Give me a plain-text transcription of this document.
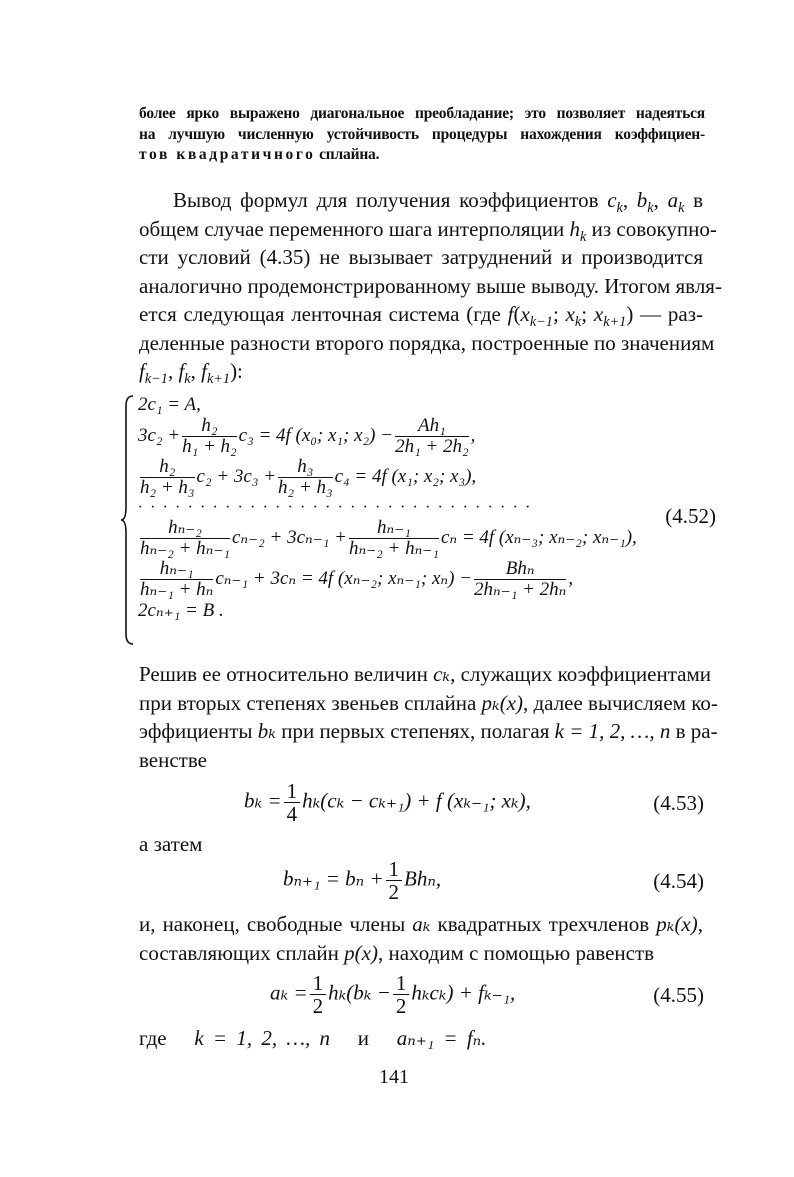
более ярко выражено диагональное преобладание; это позволяет надеяться
на лучшую численную устойчивость процедуры нахождения коэффициен-
тов квадратичного сплайна.
Вывод формул для получения коэффициентов $c_k$, $b_k$, $a_k$ в
общем случае переменного шага интерполяции $h_k$ из совокупно-
сти условий (4.35) не вызывает затруднений и производится
аналогично продемонстрированному выше выводу. Итогом явля-
ется следующая ленточная система (где $f(x_{k-1}$; $x_k$; $x_{k+1}$) — раз-
деленные разности второго порядка, построенные по значениям
$f_{k-1}$, $f_k$, $f_{k+1}$):
2c₁ = A,
$3c_2 + \frac{\text{h₂}}{\text{h₁ + h₂}} c_3 = 4f$ (x₀; x₁; $x_2) - \frac{\text{Ah₁}}{\text{2h₁ + 2h₂}}$ ,
$\frac{\text{h₂}}{\text{h₂ + h₃}} c_2 + 3c_3 + \frac{\text{h₃}}{\text{h₂ + h₃}} c_4 = 4f$ (x₁; x₂; x₃),
································
$\frac{\text{hₙ₋₂}}{\text{hₙ₋₂ + hₙ₋₁}} c_{n-2} + 3c_{n-1} + \frac{\text{hₙ₋₁}}{\text{hₙ₋₂ + hₙ₋₁}}$ cₙ = 4f (xₙ₋₃; xₙ₋₂; xₙ₋₁),
$\frac{\text{hₙ₋₁}}{\text{hₙ₋₁ + hₙ}} c_{n-1} + 3c_n = 4f$ (xₙ₋₂; xₙ₋₁; $x_n) - \frac{\text{Bhₙ}}{\text{2hₙ₋₁ + 2hₙ}}$ ,
2cₙ₊₁ = B .
(4.52)
Решив ее относительно величин cₖ, служащих коэффициентами
при вторых степенях звеньев сплайна pₖ(x), далее вычисляем ко-
эффициенты bₖ при первых степенях, полагая k = 1, 2, …, n в ра-
венстве
$b_k = \frac{1}{4} h_k(c_k - c_{k+1}) + f$ (xₖ₋₁; xₖ),	(4.53)
а затем
$b_{n+1} = b_n + \frac{1}{2} Bh_n$,	(4.54)
и, наконец, свободные члены aₖ квадратных трехчленов pₖ(x),
составляющих сплайн p(x), находим с помощью равенств
$a_k = \frac{1}{2} h_k(b_k - \frac{1}{2} h_kc_k) + f_{k-1}$,	(4.55)
где k = 1, 2, …, n и aₙ₊₁ = fₙ.
141
